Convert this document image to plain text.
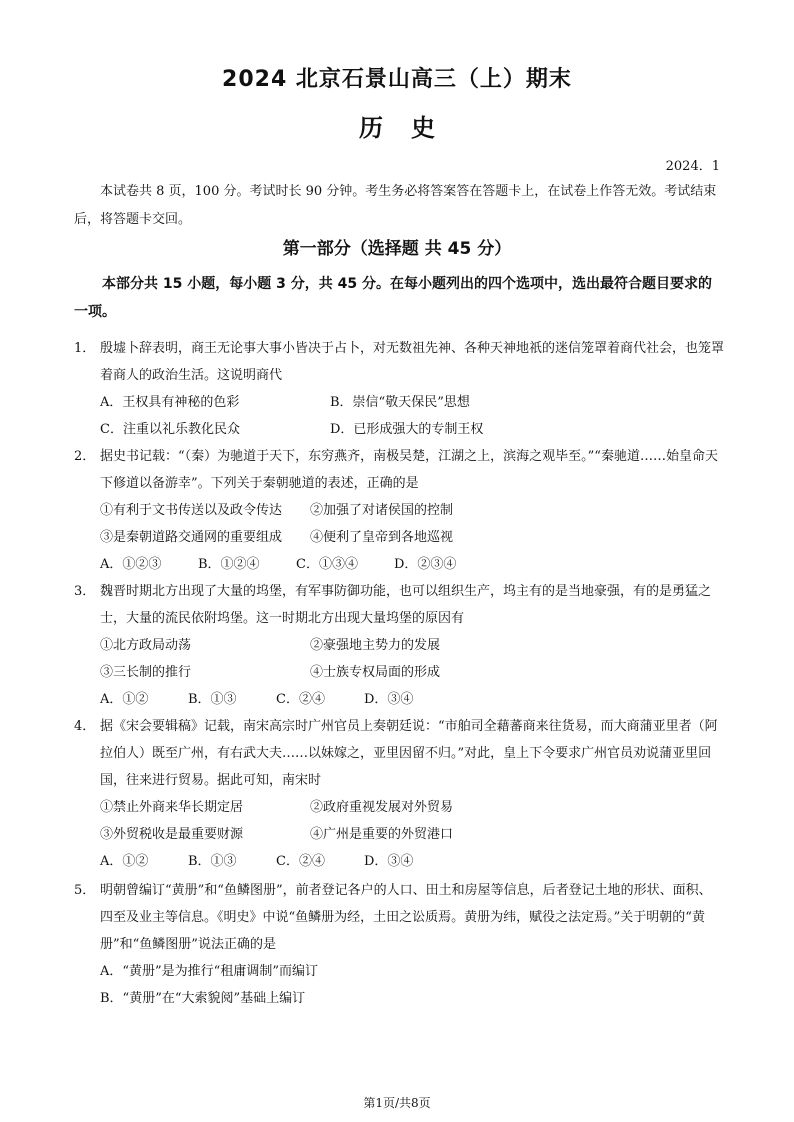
2024 北京石景山高三（上）期末
历史
2024．1
本试卷共 8 页，100 分。考试时长 90 分钟。考生务必将答案答在答题卡上，在试卷上作答无效。考试结束后，将答题卡交回。
第一部分（选择题 共 45 分）
本部分共 15 小题，每小题 3 分，共 45 分。在每小题列出的四个选项中，选出最符合题目要求的一项。
1． 殷墟卜辞表明，商王无论事大事小皆决于占卜，对无数祖先神、各种天神地祇的迷信笼罩着商代社会，也笼罩着商人的政治生活。这说明商代
A．王权具有神秘的色彩	B．崇信“敬天保民”思想
C．注重以礼乐教化民众	D．已形成强大的专制王权
2． 据史书记载：“（秦）为驰道于天下，东穷燕齐，南极吴楚，江湖之上，滨海之观毕至。”“秦驰道……始皇命天下修道以备游幸”。下列关于秦朝驰道的表述，正确的是
①有利于文书传送以及政令传达	②加强了对诸侯国的控制
③是秦朝道路交通网的重要组成	④便利了皇帝到各地巡视
A．①②③	B．①②④	C．①③④	D．②③④
3． 魏晋时期北方出现了大量的坞堡，有军事防御功能，也可以组织生产，坞主有的是当地豪强，有的是勇猛之士，大量的流民依附坞堡。这一时期北方出现大量坞堡的原因有
①北方政局动荡	②豪强地主势力的发展
③三长制的推行	④士族专权局面的形成
A．①②	B．①③	C．②④	D．③④
4． 据《宋会要辑稿》记载，南宋高宗时广州官员上奏朝廷说：“市舶司全藉蕃商来往货易，而大商蒲亚里者（阿拉伯人）既至广州，有右武大夫……以妹嫁之，亚里因留不归。”对此，皇上下令要求广州官员劝说蒲亚里回国，往来进行贸易。据此可知，南宋时
①禁止外商来华长期定居	②政府重视发展对外贸易
③外贸税收是最重要财源	④广州是重要的外贸港口
A．①②	B．①③	C．②④	D．③④
5． 明朝曾编订“黄册”和“鱼鳞图册”，前者登记各户的人口、田土和房屋等信息，后者登记土地的形状、面积、四至及业主等信息。《明史》中说“鱼鳞册为经，土田之讼质焉。黄册为纬，赋役之法定焉。”关于明朝的“黄册”和“鱼鳞图册”说法正确的是
A．“黄册”是为推行“租庸调制”而编订
B．“黄册”在“大索貌阅”基础上编订
第1页/共8页
